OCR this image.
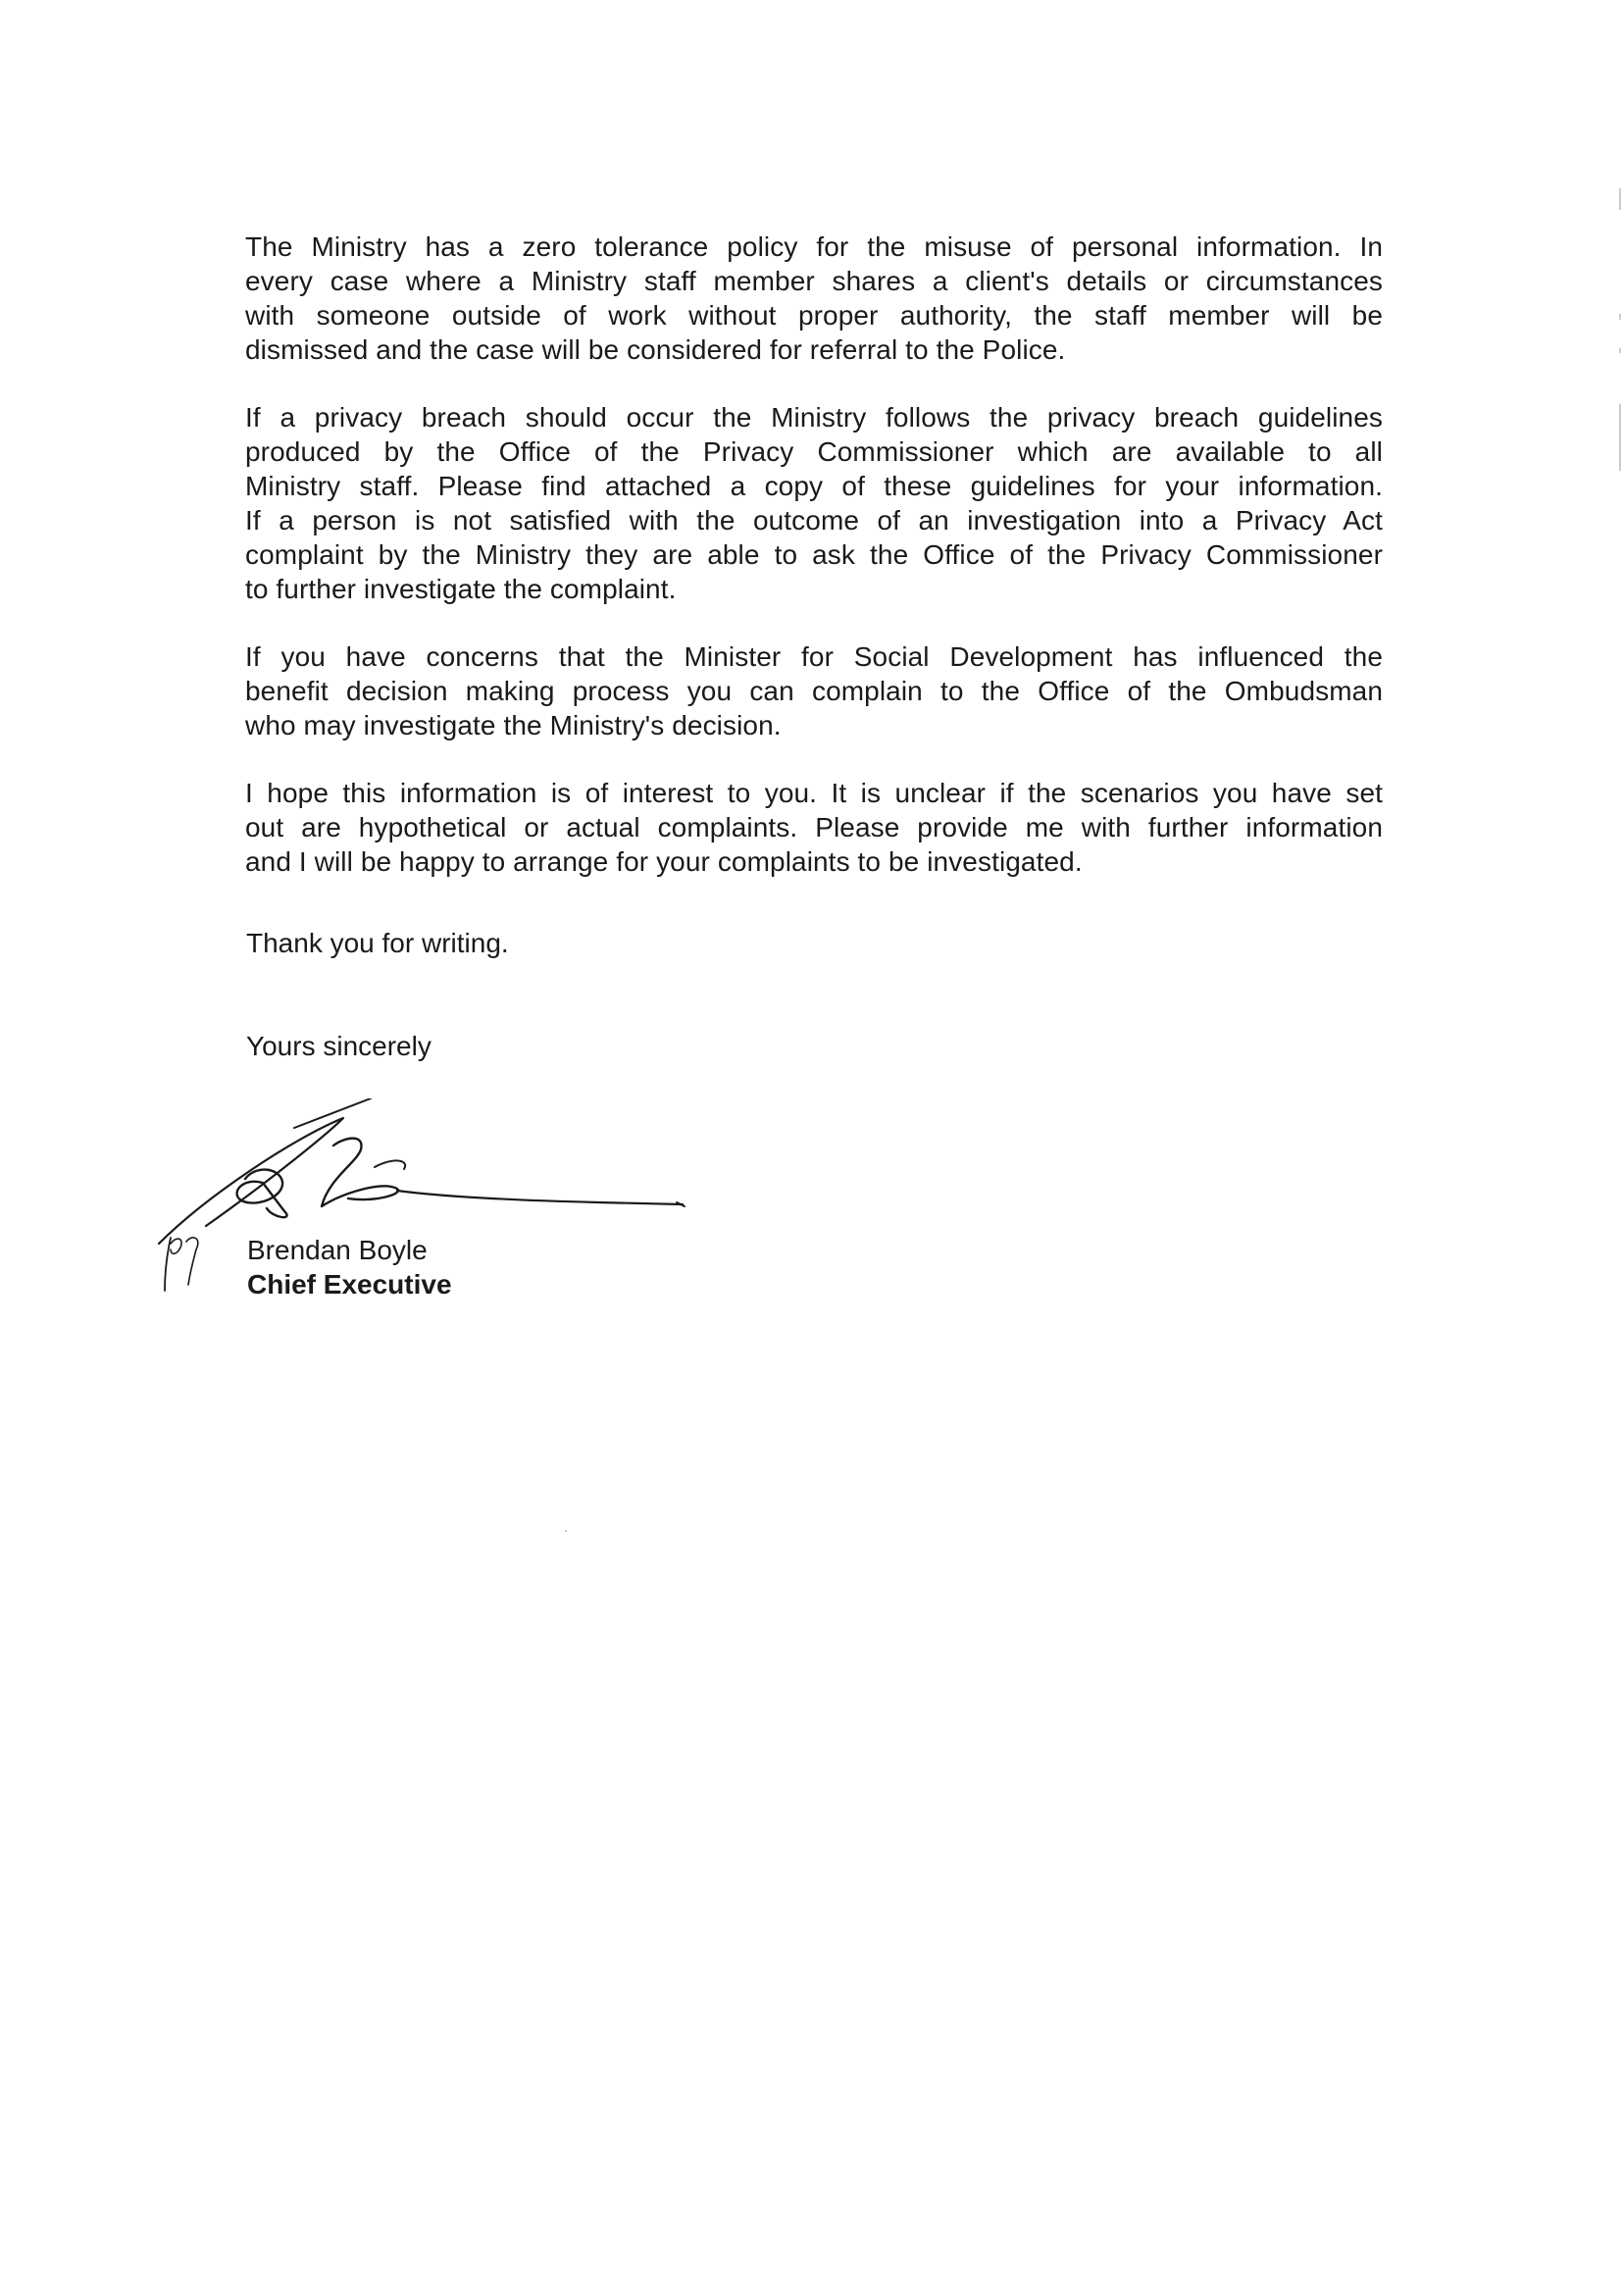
The Ministry has a zero tolerance policy for the misuse of personal information. In
every case where a Ministry staff member shares a client's details or circumstances
with someone outside of work without proper authority, the staff member will be
dismissed and the case will be considered for referral to the Police.

If a privacy breach should occur the Ministry follows the privacy breach guidelines
produced by the Office of the Privacy Commissioner which are available to all
Ministry staff. Please find attached a copy of these guidelines for your information.
If a person is not satisfied with the outcome of an investigation into a Privacy Act
complaint by the Ministry they are able to ask the Office of the Privacy Commissioner
to further investigate the complaint.

If you have concerns that the Minister for Social Development has influenced the
benefit decision making process you can complain to the Office of the Ombudsman
who may investigate the Ministry's decision.

I hope this information is of interest to you. It is unclear if the scenarios you have set
out are hypothetical or actual complaints. Please provide me with further information
and I will be happy to arrange for your complaints to be investigated.

Thank you for writing.

Yours sincerely

Brendan Boyle

Chief Executive
